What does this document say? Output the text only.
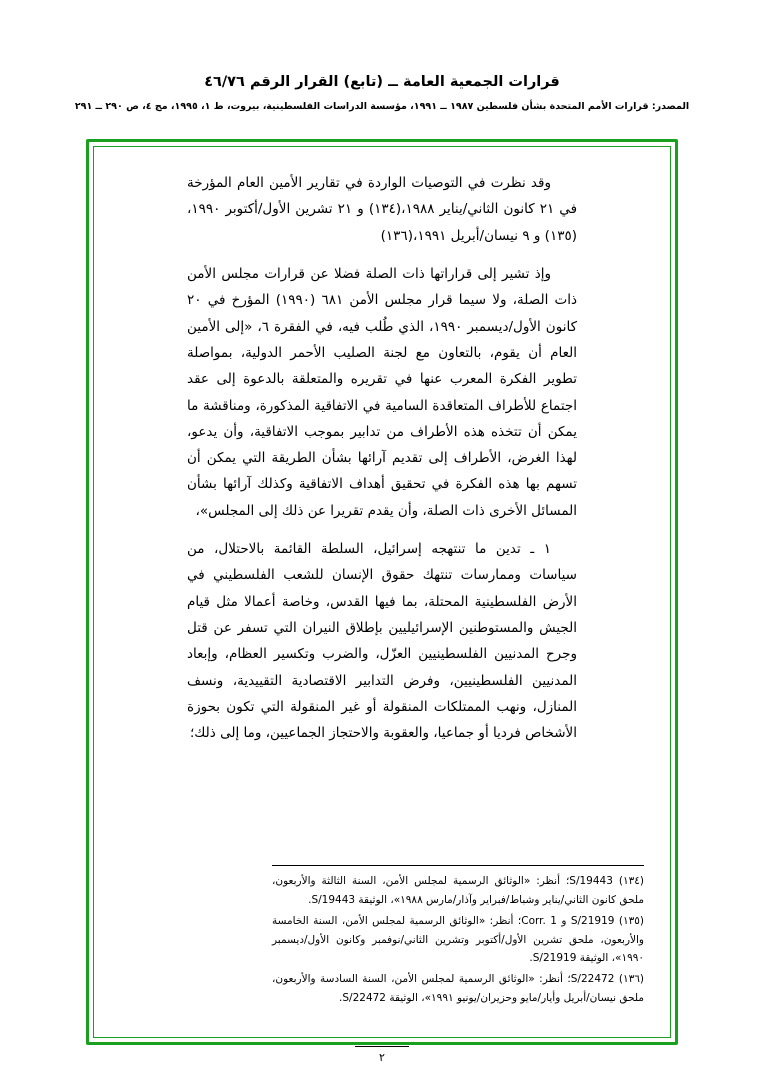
قرارات الجمعية العامة ــ (تابع) القرار الرقم ٤٦/٧٦
المصدر: قرارات الأمم المتحدة بشأن فلسطين ١٩٨٧ ــ ١٩٩١، مؤسسة الدراسات الفلسطينية، بيروت، ط ١، ١٩٩٥، مج ٤، ص ٢٩٠ ــ ٢٩١

وقد نظرت في التوصيات الواردة في تقارير الأمين العام المؤرخة في ٢١ كانون الثاني/يناير ١٩٨٨،(١٣٤) و ٢١ تشرين الأول/أكتوبر ١٩٩٠،(١٣٥) و ٩ نيسان/أبريل ١٩٩١،(١٣٦)

وإذ تشير إلى قراراتها ذات الصلة فضلا عن قرارات مجلس الأمن ذات الصلة، ولا سيما قرار مجلس الأمن ٦٨١ (١٩٩٠) المؤرخ في ٢٠ كانون الأول/ديسمبر ١٩٩٠، الذي طُلب فيه، في الفقرة ٦، «إلى الأمين العام أن يقوم، بالتعاون مع لجنة الصليب الأحمر الدولية، بمواصلة تطوير الفكرة المعرب عنها في تقريره والمتعلقة بالدعوة إلى عقد اجتماع للأطراف المتعاقدة السامية في الاتفاقية المذكورة، ومناقشة ما يمكن أن تتخذه هذه الأطراف من تدابير بموجب الاتفاقية، وأن يدعو، لهذا الغرض، الأطراف إلى تقديم آرائها بشأن الطريقة التي يمكن أن تسهم بها هذه الفكرة في تحقيق أهداف الاتفاقية وكذلك آرائها بشأن المسائل الأخرى ذات الصلة، وأن يقدم تقريرا عن ذلك إلى المجلس»،

١ ـ تدين ما تنتهجه إسرائيل، السلطة القائمة بالاحتلال، من سياسات وممارسات تنتهك حقوق الإنسان للشعب الفلسطيني في الأرض الفلسطينية المحتلة، بما فيها القدس، وخاصة أعمالا مثل قيام الجيش والمستوطنين الإسرائيليين بإطلاق النيران التي تسفر عن قتل وجرح المدنيين الفلسطينيين العزّل، والضرب وتكسير العظام، وإبعاد المدنيين الفلسطينيين، وفرض التدابير الاقتصادية التقييدية، ونسف المنازل، ونهب الممتلكات المنقولة أو غير المنقولة التي تكون بحوزة الأشخاص فرديا أو جماعيا، والعقوبة والاحتجاز الجماعيين، وما إلى ذلك؛

(١٣٤) S/19443؛ أنظر: «الوثائق الرسمية لمجلس الأمن، السنة الثالثة والأربعون، ملحق كانون الثاني/يناير وشباط/فبراير وآذار/مارس ١٩٨٨»، الوثيقة S/19443.

(١٣٥) S/21919 و Corr. 1؛ أنظر: «الوثائق الرسمية لمجلس الأمن، السنة الخامسة والأربعون، ملحق تشرين الأول/أكتوبر وتشرين الثاني/نوفمبر وكانون الأول/ديسمبر ١٩٩٠»، الوثيقة S/21919.

(١٣٦) S/22472؛ أنظر: «الوثائق الرسمية لمجلس الأمن، السنة السادسة والأربعون، ملحق نيسان/أبريل وأيار/مايو وحزيران/يونيو ١٩٩١»، الوثيقة S/22472.

٢
